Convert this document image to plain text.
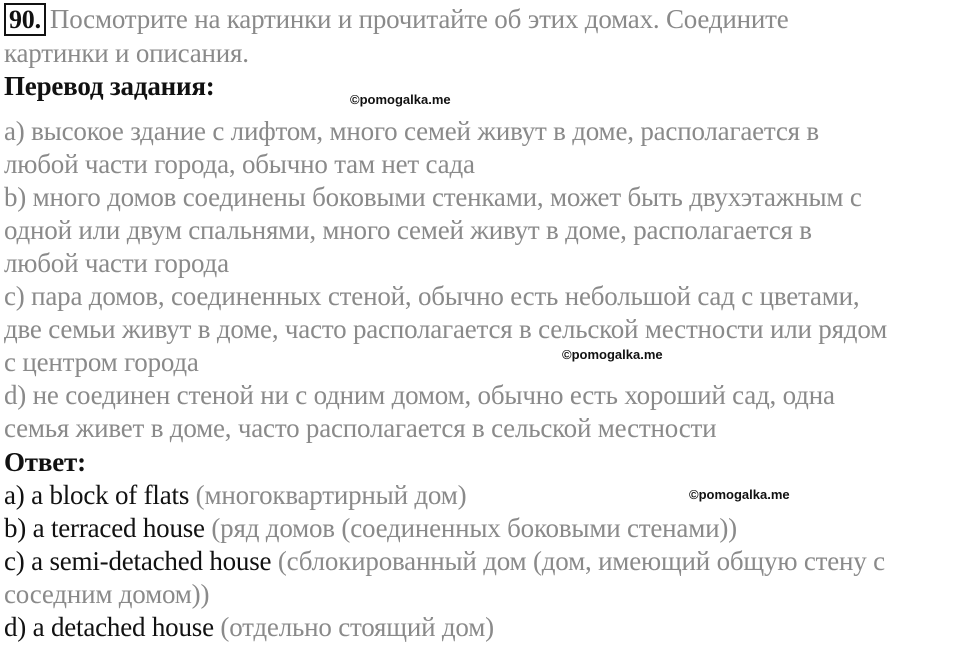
90. Посмотрите на картинки и прочитайте об этих домах. Соедините
картинки и описания.
Перевод задания:
a) высокое здание с лифтом, много семей живут в доме, располагается в
любой части города, обычно там нет сада
b) много домов соединены боковыми стенками, может быть двухэтажным с
одной или двум спальнями, много семей живут в доме, располагается в
любой части города
c) пара домов, соединенных стеной, обычно есть небольшой сад с цветами,
две семьи живут в доме, часто располагается в сельской местности или рядом
с центром города
d) не соединен стеной ни с одним домом, обычно есть хороший сад, одна
семья живет в доме, часто располагается в сельской местности
Ответ:
a) a block of flats (многоквартирный дом)
b) a terraced house (ряд домов (соединенных боковыми стенами))
c) a semi-detached house (сблокированный дом (дом, имеющий общую стену с
соседним домом))
d) a detached house (отдельно стоящий дом)
©pomogalka.me
©pomogalka.me
©pomogalka.me
